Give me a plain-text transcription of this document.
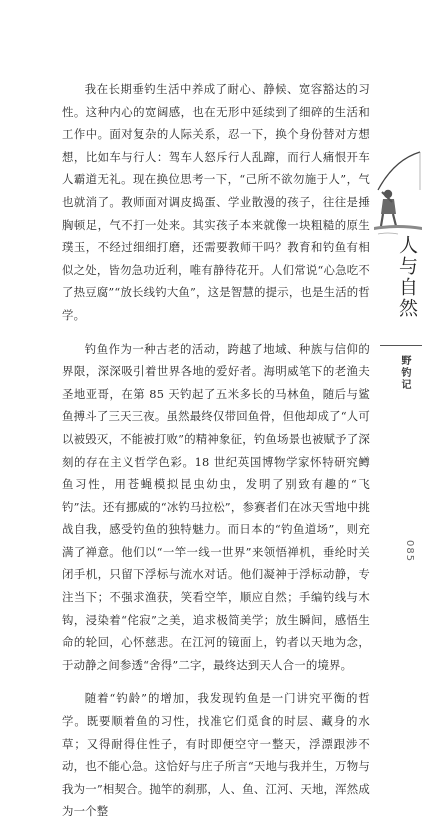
我在长期垂钓生活中养成了耐心、静候、宽容豁达的习性。这种内心的宽阔感，也在无形中延续到了细碎的生活和工作中。面对复杂的人际关系，忍一下，换个身份替对方想想，比如车与行人：驾车人怒斥行人乱蹿，而行人痛恨开车人霸道无礼。现在换位思考一下，“己所不欲勿施于人”，气也就消了。教师面对调皮捣蛋、学业散漫的孩子，往往是捶胸顿足，气不打一处来。其实孩子本来就像一块粗糙的原生璞玉，不经过细细打磨，还需要教师干吗？教育和钓鱼有相似之处，皆勿急功近利，唯有静待花开。人们常说“心急吃不了热豆腐”“放长线钓大鱼”，这是智慧的提示，也是生活的哲学。

钓鱼作为一种古老的活动，跨越了地域、种族与信仰的界限，深深吸引着世界各地的爱好者。海明威笔下的老渔夫圣地亚哥，在第 85 天钓起了五米多长的马林鱼，随后与鲨鱼搏斗了三天三夜。虽然最终仅带回鱼骨，但他却成了“人可以被毁灭，不能被打败”的精神象征，钓鱼场景也被赋予了深刻的存在主义哲学色彩。18 世纪英国博物学家怀特研究鳟鱼习性，用苍蝇模拟昆虫幼虫，发明了别致有趣的“飞钓”法。还有挪威的“冰钓马拉松”，参赛者们在冰天雪地中挑战自我，感受钓鱼的独特魅力。而日本的“钓鱼道场”，则充满了禅意。他们以“一竿一线一世界”来领悟禅机，垂纶时关闭手机，只留下浮标与流水对话。他们凝神于浮标动静，专注当下；不强求渔获，笑看空竿，顺应自然；手编钓线与木钩，浸染着“侘寂”之美，追求极简美学；放生瞬间，感悟生命的轮回，心怀慈悲。在江河的镜面上，钓者以天地为念，于动静之间参透“舍得”二字，最终达到天人合一的境界。

随着“钓龄”的增加，我发现钓鱼是一门讲究平衡的哲学。既要顺着鱼的习性，找准它们觅食的时层、藏身的水草；又得耐得住性子，有时即便空守一整天，浮漂跟涉不动，也不能心急。这恰好与庄子所言“天地与我并生，万物与我为一”相契合。抛竿的刹那，人、鱼、江河、天地，浑然成为一个整

人与自然
野钓记
085
